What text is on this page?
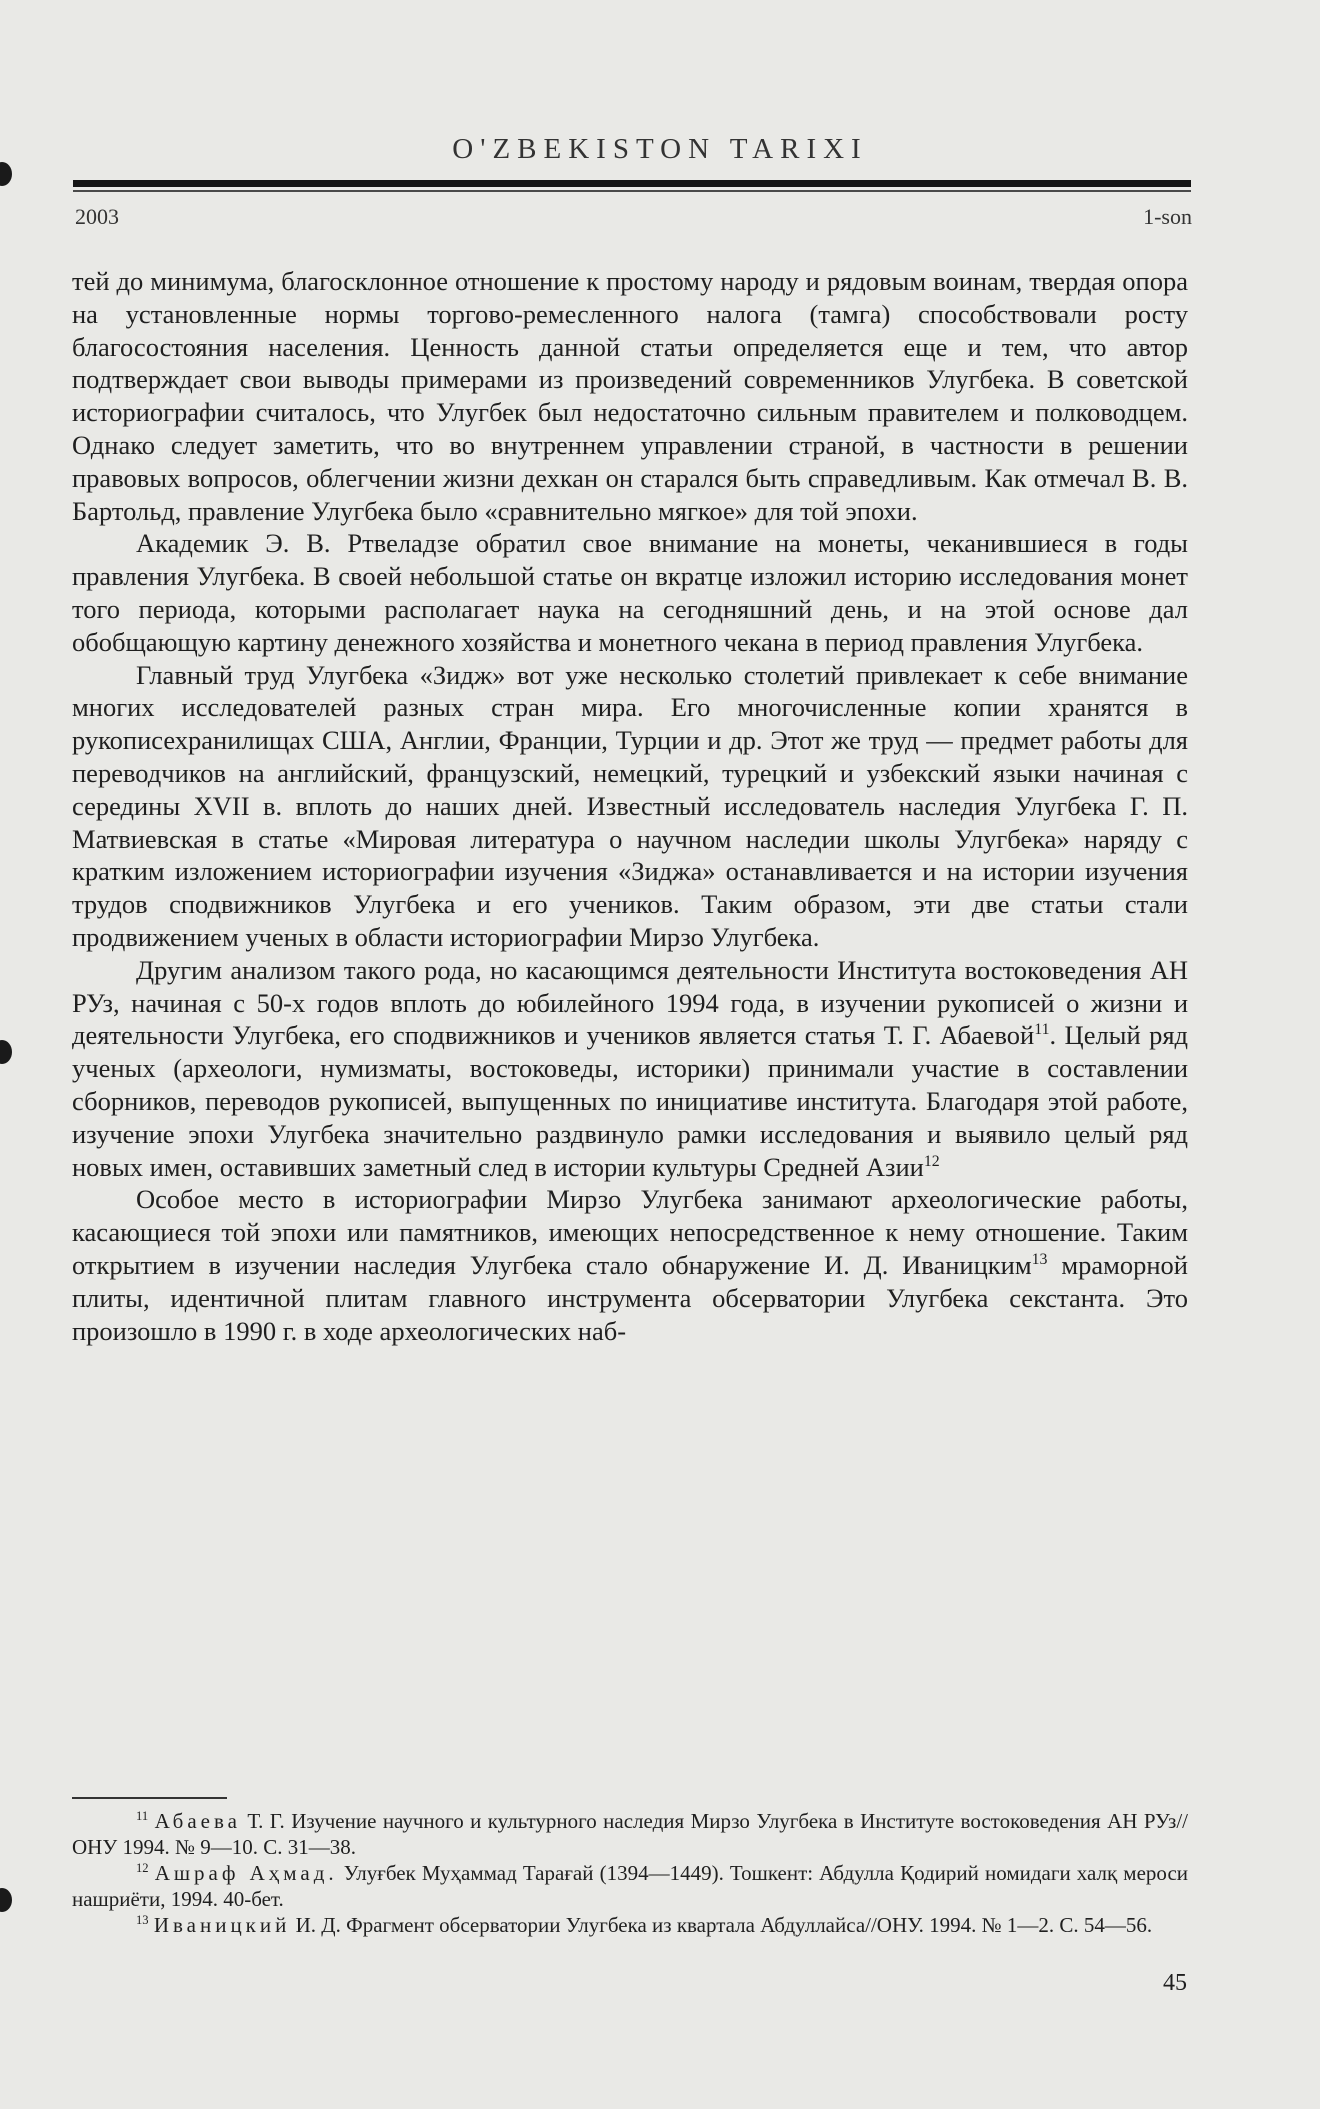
O'ZBEKISTON TARIXI
2003	1-son

тей до минимума, благосклонное отношение к простому народу и рядовым воинам, твердая опора на установленные нормы торгово-ремесленного налога (тамга) способствовали росту благосостояния населения. Ценность данной статьи определяется еще и тем, что автор подтверждает свои выводы примерами из произведений современников Улугбека. В советской историографии считалось, что Улугбек был недостаточно сильным правителем и полководцем. Однако следует заметить, что во внутреннем управлении страной, в частности в решении правовых вопросов, облегчении жизни дехкан он старался быть справедливым. Как отмечал В. В. Бартольд, правление Улугбека было «сравнительно мягкое» для той эпохи.

Академик Э. В. Ртвеладзе обратил свое внимание на монеты, чеканившиеся в годы правления Улугбека. В своей небольшой статье он вкратце изложил историю исследования монет того периода, которыми располагает наука на сегодняшний день, и на этой основе дал обобщающую картину денежного хозяйства и монетного чекана в период правления Улугбека.

Главный труд Улугбека «Зидж» вот уже несколько столетий привлекает к себе внимание многих исследователей разных стран мира. Его многочисленные копии хранятся в рукописехранилищах США, Англии, Франции, Турции и др. Этот же труд — предмет работы для переводчиков на английский, французский, немецкий, турецкий и узбекский языки начиная с середины XVII в. вплоть до наших дней. Известный исследователь наследия Улугбека Г. П. Матвиевская в статье «Мировая литература о научном наследии школы Улугбека» наряду с кратким изложением историографии изучения «Зиджа» останавливается и на истории изучения трудов сподвижников Улугбека и его учеников. Таким образом, эти две статьи стали продвижением ученых в области историографии Мирзо Улугбека.

Другим анализом такого рода, но касающимся деятельности Института востоковедения АН РУз, начиная с 50-х годов вплоть до юбилейного 1994 года, в изучении рукописей о жизни и деятельности Улугбека, его сподвижников и учеников является статья Т. Г. Абаевой$^{11}$. Целый ряд ученых (археологи, нумизматы, востоковеды, историки) принимали участие в составлении сборников, переводов рукописей, выпущенных по инициативе института. Благодаря этой работе, изучение эпохи Улугбека значительно раздвинуло рамки исследования и выявило целый ряд новых имен, оставивших заметный след в истории культуры Средней Азии$^{12}$

Особое место в историографии Мирзо Улугбека занимают археологические работы, касающиеся той эпохи или памятников, имеющих непосредственное к нему отношение. Таким открытием в изучении наследия Улугбека стало обнаружение И. Д. Иваницким$^{13}$ мраморной плиты, идентичной плитам главного инструмента обсерватории Улугбека секстанта. Это произошло в 1990 г. в ходе археологических наб-

$^{11}$ Абаева Т. Г. Изучение научного и культурного наследия Мирзо Улугбека в Институте востоковедения АН РУз//ОНУ 1994. № 9—10. С. 31—38.

$^{12}$ Ашраф Аҳмад. Улуғбек Муҳаммад Тарағай (1394—1449). Тошкент: Абдулла Қодирий номидаги халқ мероси нашриёти, 1994. 40-бет.

$^{13}$ Иваницкий И. Д. Фрагмент обсерватории Улугбека из квартала Абдуллайса//ОНУ. 1994. № 1—2. С. 54—56.

45
